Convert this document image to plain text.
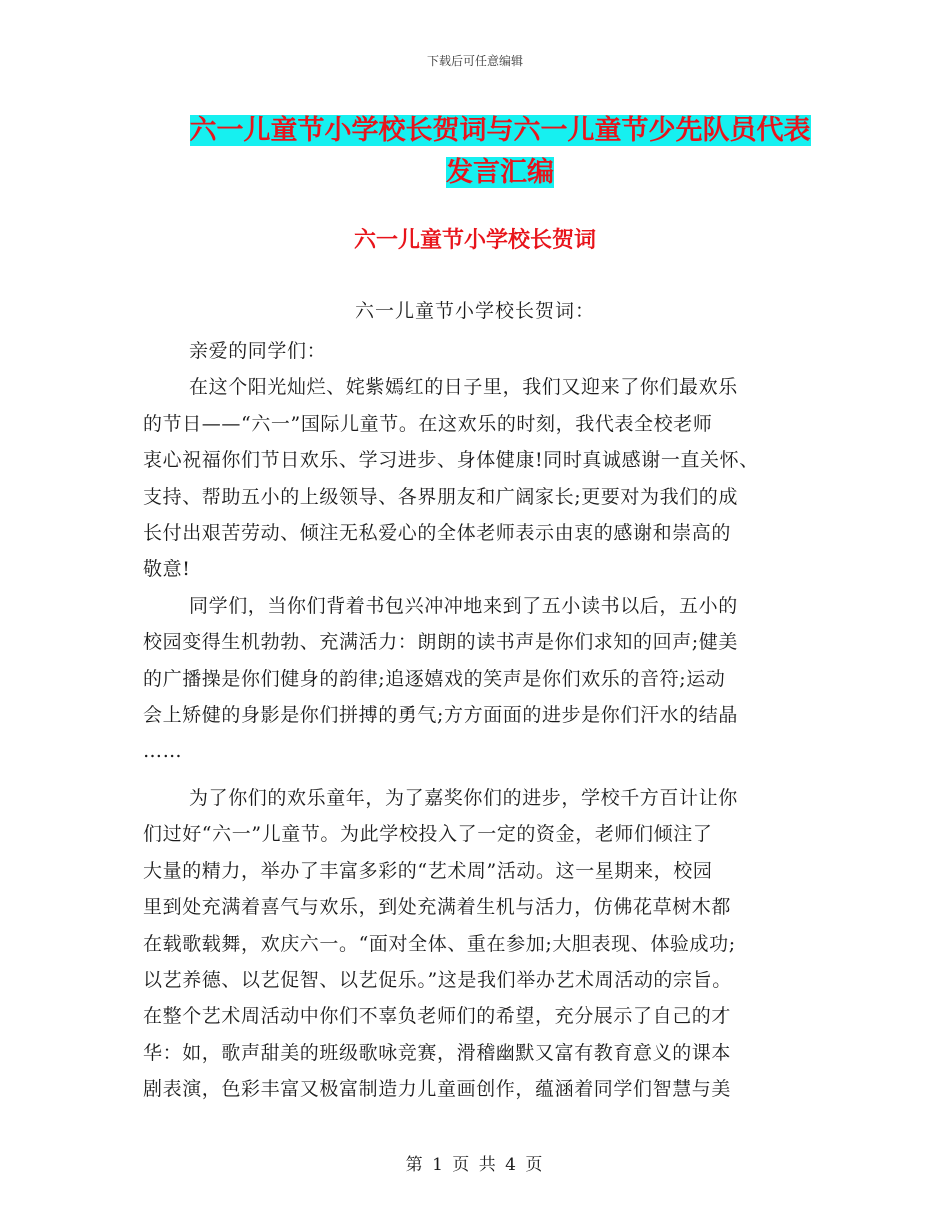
下载后可任意编辑
六一儿童节小学校长贺词与六一儿童节少先队员代表
发言汇编
六一儿童节小学校长贺词
六一儿童节小学校长贺词：
亲爱的同学们：
在这个阳光灿烂、姹紫嫣红的日子里，我们又迎来了你们最欢乐
的节日——“六一”国际儿童节。在这欢乐的时刻，我代表全校老师
衷心祝福你们节日欢乐、学习进步、身体健康!同时真诚感谢一直关怀、
支持、帮助五小的上级领导、各界朋友和广阔家长;更要对为我们的成
长付出艰苦劳动、倾注无私爱心的全体老师表示由衷的感谢和崇高的
敬意!
同学们，当你们背着书包兴冲冲地来到了五小读书以后，五小的
校园变得生机勃勃、充满活力：朗朗的读书声是你们求知的回声;健美
的广播操是你们健身的韵律;追逐嬉戏的笑声是你们欢乐的音符;运动
会上矫健的身影是你们拼搏的勇气;方方面面的进步是你们汗水的结晶
……
为了你们的欢乐童年，为了嘉奖你们的进步，学校千方百计让你
们过好“六一”儿童节。为此学校投入了一定的资金，老师们倾注了
大量的精力，举办了丰富多彩的“艺术周”活动。这一星期来，校园
里到处充满着喜气与欢乐，到处充满着生机与活力，仿佛花草树木都
在载歌载舞，欢庆六一。“面对全体、重在参加;大胆表现、体验成功;
以艺养德、以艺促智、以艺促乐。”这是我们举办艺术周活动的宗旨。
在整个艺术周活动中你们不辜负老师们的希望，充分展示了自己的才
华：如，歌声甜美的班级歌咏竞赛，滑稽幽默又富有教育意义的课本
剧表演，色彩丰富又极富制造力儿童画创作，蕴涵着同学们智慧与美
第 1 页 共 4 页
